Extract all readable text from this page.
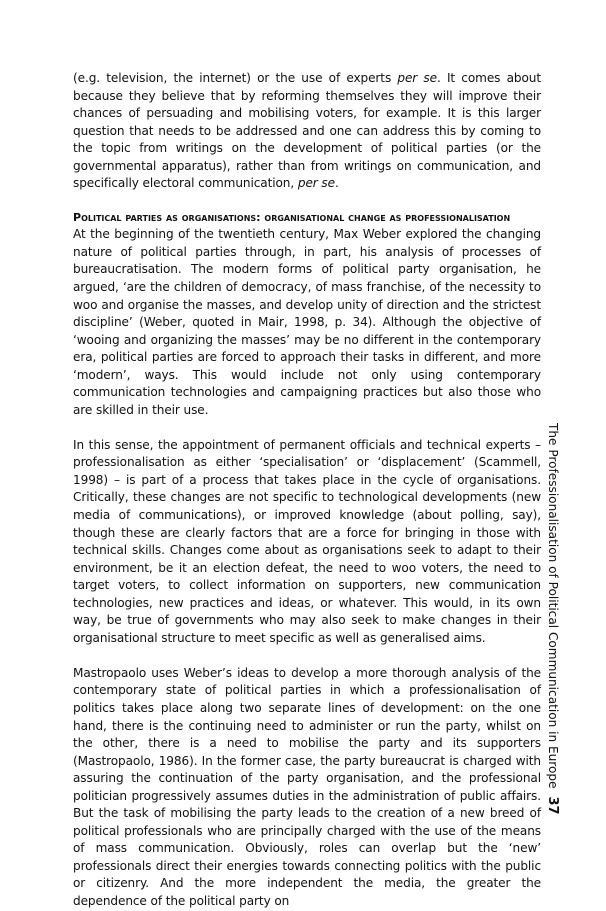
(e.g. television, the internet) or the use of experts per se. It comes about because they believe that by reforming themselves they will improve their chances of persuading and mobilising voters, for example. It is this larger question that needs to be addressed and one can address this by coming to the topic from writings on the development of political parties (or the governmental apparatus), rather than from writings on communication, and specifically electoral communication, per se.

Political parties as organisations: organisational change as professionalisation

At the beginning of the twentieth century, Max Weber explored the changing nature of political parties through, in part, his analysis of processes of bureaucratisation. The modern forms of political party organisation, he argued, ‘are the children of democracy, of mass franchise, of the necessity to woo and organise the masses, and develop unity of direction and the strictest discipline’ (Weber, quoted in Mair, 1998, p. 34). Although the objective of ‘wooing and organizing the masses’ may be no different in the contemporary era, political parties are forced to approach their tasks in different, and more ‘modern’, ways. This would include not only using contemporary communication technologies and campaigning practices but also those who are skilled in their use.

In this sense, the appointment of permanent officials and technical experts – professionalisation as either ‘specialisation’ or ‘displacement’ (Scammell, 1998) – is part of a process that takes place in the cycle of organisations. Critically, these changes are not specific to technological developments (new media of communications), or improved knowledge (about polling, say), though these are clearly factors that are a force for bringing in those with technical skills. Changes come about as organisations seek to adapt to their environment, be it an election defeat, the need to woo voters, the need to target voters, to collect information on supporters, new communication technologies, new practices and ideas, or whatever. This would, in its own way, be true of governments who may also seek to make changes in their organisational structure to meet specific as well as generalised aims.

Mastropaolo uses Weber’s ideas to develop a more thorough analysis of the contemporary state of political parties in which a professionalisation of politics takes place along two separate lines of development: on the one hand, there is the continuing need to administer or run the party, whilst on the other, there is a need to mobilise the party and its supporters (Mastropaolo, 1986). In the former case, the party bureaucrat is charged with assuring the continuation of the party organisation, and the professional politician progressively assumes duties in the administration of public affairs. But the task of mobilising the party leads to the creation of a new breed of political professionals who are principally charged with the use of the means of mass communication. Obviously, roles can overlap but the ‘new’ professionals direct their energies towards connecting politics with the public or citizenry. And the more independent the media, the greater the dependence of the political party on

The Professionalisation of Political Communication in Europe37
